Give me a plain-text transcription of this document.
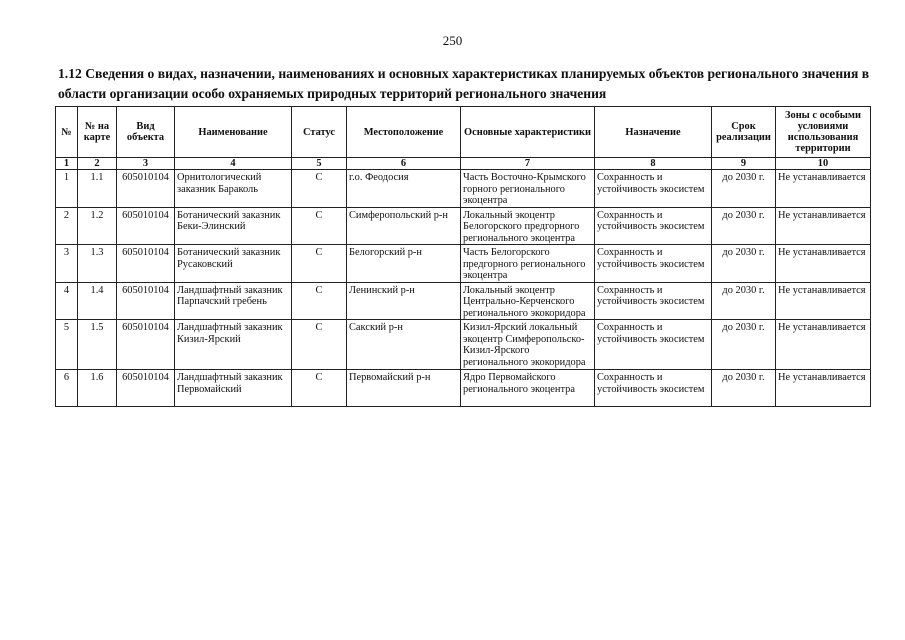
250
1.12 Сведения о видах, назначении, наименованиях и основных характеристиках планируемых объектов регионального значения в области организации особо охраняемых природных территорий регионального значения
№	№ на карте	Вид объекта	Наименование	Статус	Местоположение	Основные характеристики	Назначение	Срок реализации	Зоны с особыми условиями использования территории
1	2	3	4	5	6	7	8	9	10
1	1.1	605010104	Орнитологический заказник Бараколь	С	г.о. Феодосия	Часть Восточно-Крымского горного регионального экоцентра	Сохранность и устойчивость экосистем	до 2030 г.	Не устанавливается
2	1.2	605010104	Ботанический заказник Беки-Элинский	С	Симферопольский р-н	Локальный экоцентр Белогорского предгорного регионального экоцентра	Сохранность и устойчивость экосистем	до 2030 г.	Не устанавливается
3	1.3	605010104	Ботанический заказник Русаковский	С	Белогорский р-н	Часть Белогорского предгорного регионального экоцентра	Сохранность и устойчивость экосистем	до 2030 г.	Не устанавливается
4	1.4	605010104	Ландшафтный заказник Парпачский гребень	С	Ленинский р-н	Локальный экоцентр Центрально-Керченского регионального экокоридора	Сохранность и устойчивость экосистем	до 2030 г.	Не устанавливается
5	1.5	605010104	Ландшафтный заказник Кизил-Ярский	С	Сакский р-н	Кизил-Ярский локальный экоцентр Симферопольско-Кизил-Ярского регионального экокоридора	Сохранность и устойчивость экосистем	до 2030 г.	Не устанавливается
6	1.6	605010104	Ландшафтный заказник Первомайский	С	Первомайский р-н	Ядро Первомайского регионального экоцентра	Сохранность и устойчивость экосистем	до 2030 г.	Не устанавливается
